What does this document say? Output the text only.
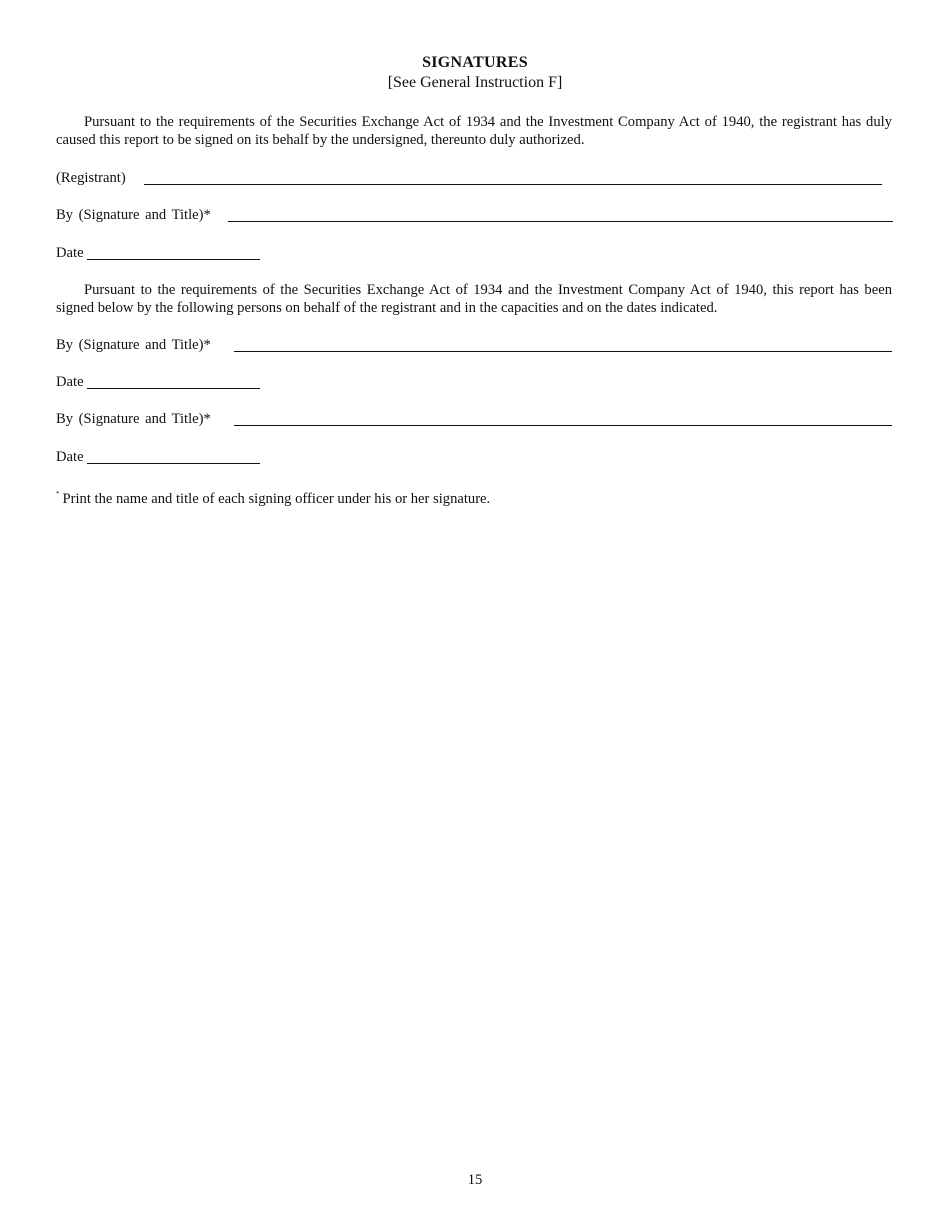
SIGNATURES
[See General Instruction F]

Pursuant to the requirements of the Securities Exchange Act of 1934 and the Investment Company Act of 1940, the registrant has duly caused this report to be signed on its behalf by the undersigned, thereunto duly authorized.

(Registrant)
By (Signature and Title)*
Date

Pursuant to the requirements of the Securities Exchange Act of 1934 and the Investment Company Act of 1940, this report has been signed below by the following persons on behalf of the registrant and in the capacities and on the dates indicated.

By (Signature and Title)*
Date
By (Signature and Title)*
Date
* Print the name and title of each signing officer under his or her signature.
15
